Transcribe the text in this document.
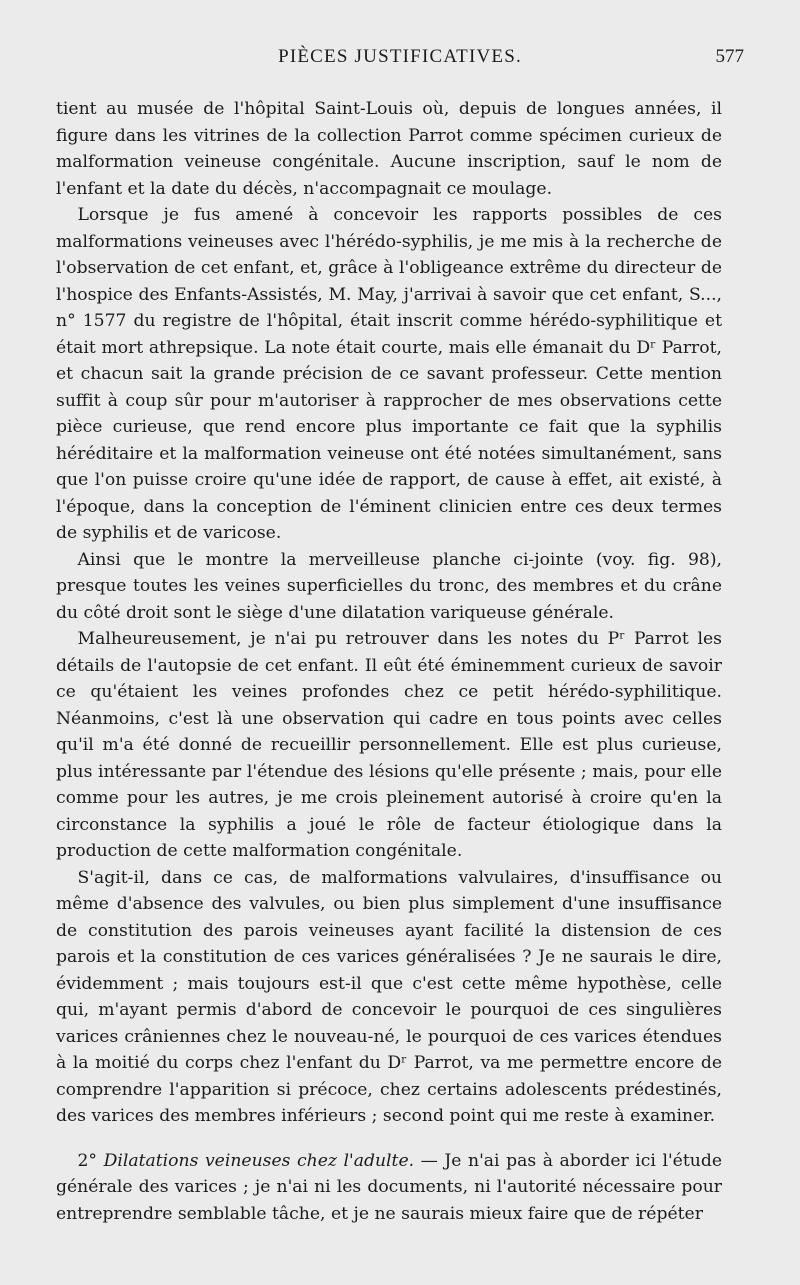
PIÈCES JUSTIFICATIVES.	577

tient au musée de l'hôpital Saint-Louis où, depuis de longues années, il figure dans les vitrines de la collection Parrot comme spécimen curieux de malformation veineuse congénitale. Aucune inscription, sauf le nom de l'enfant et la date du décès, n'accompagnait ce moulage.

Lorsque je fus amené à concevoir les rapports possibles de ces malformations veineuses avec l'hérédo-syphilis, je me mis à la recherche de l'observation de cet enfant, et, grâce à l'obligeance extrême du directeur de l'hospice des Enfants-Assistés, M. May, j'arrivai à savoir que cet enfant, S..., n° 1577 du registre de l'hôpital, était inscrit comme hérédo-syphilitique et était mort athrepsique. La note était courte, mais elle émanait du Dʳ Parrot, et chacun sait la grande précision de ce savant professeur. Cette mention suffit à coup sûr pour m'autoriser à rapprocher de mes observations cette pièce curieuse, que rend encore plus importante ce fait que la syphilis héréditaire et la malformation veineuse ont été notées simultanément, sans que l'on puisse croire qu'une idée de rapport, de cause à effet, ait existé, à l'époque, dans la conception de l'éminent clinicien entre ces deux termes de syphilis et de varicose.

Ainsi que le montre la merveilleuse planche ci-jointe (voy. fig. 98), presque toutes les veines superficielles du tronc, des membres et du crâne du côté droit sont le siège d'une dilatation variqueuse générale.

Malheureusement, je n'ai pu retrouver dans les notes du Pʳ Parrot les détails de l'autopsie de cet enfant. Il eût été éminemment curieux de savoir ce qu'étaient les veines profondes chez ce petit hérédo-syphilitique. Néanmoins, c'est là une observation qui cadre en tous points avec celles qu'il m'a été donné de recueillir personnellement. Elle est plus curieuse, plus intéressante par l'étendue des lésions qu'elle présente ; mais, pour elle comme pour les autres, je me crois pleinement autorisé à croire qu'en la circonstance la syphilis a joué le rôle de facteur étiologique dans la production de cette malformation congénitale.

S'agit-il, dans ce cas, de malformations valvulaires, d'insuffisance ou même d'absence des valvules, ou bien plus simplement d'une insuffisance de constitution des parois veineuses ayant facilité la distension de ces parois et la constitution de ces varices généralisées ? Je ne saurais le dire, évidemment ; mais toujours est-il que c'est cette même hypothèse, celle qui, m'ayant permis d'abord de concevoir le pourquoi de ces singulières varices crâniennes chez le nouveau-né, le pourquoi de ces varices étendues à la moitié du corps chez l'enfant du Dʳ Parrot, va me permettre encore de comprendre l'apparition si précoce, chez certains adolescents prédestinés, des varices des membres inférieurs ; second point qui me reste à examiner.

2° Dilatations veineuses chez l'adulte. — Je n'ai pas à aborder ici l'étude générale des varices ; je n'ai ni les documents, ni l'autorité nécessaire pour entreprendre semblable tâche, et je ne saurais mieux faire que de répéter
